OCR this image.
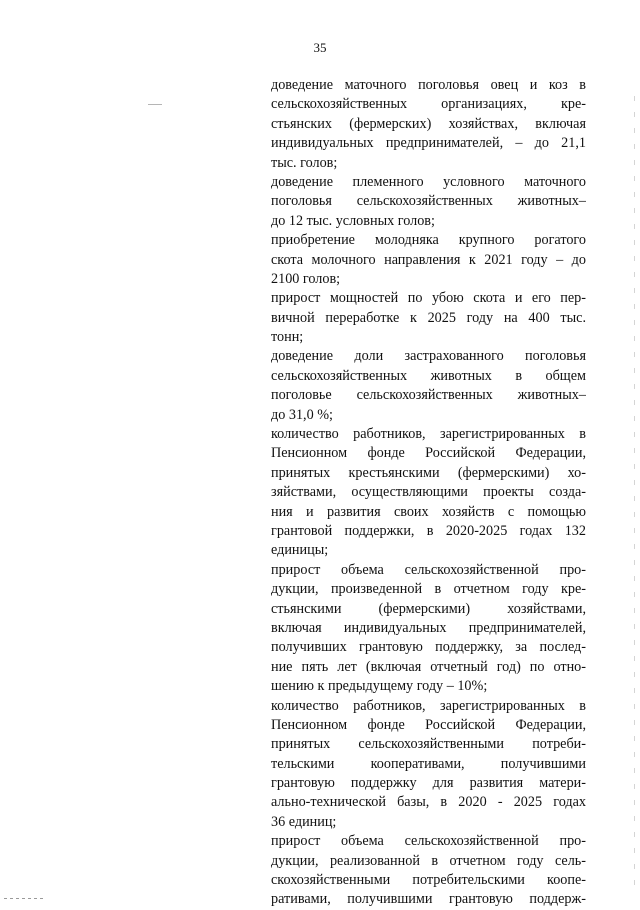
35
доведение маточного поголовья овец и коз в
сельскохозяйственных организациях, кре-
стьянских (фермерских) хозяйствах, включая
индивидуальных предпринимателей, – до 21,1
тыс. голов;
доведение племенного условного маточного
поголовья сельскохозяйственных животных–
до 12 тыс. условных голов;
приобретение молодняка крупного рогатого
скота молочного направления к 2021 году – до
2100 голов;
прирост мощностей по убою скота и его пер-
вичной переработке к 2025 году на 400 тыс.
тонн;
доведение доли застрахованного поголовья
сельскохозяйственных животных в общем
поголовье сельскохозяйственных животных–
до 31,0 %;
количество работников, зарегистрированных в
Пенсионном фонде Российской Федерации,
принятых крестьянскими (фермерскими) хо-
зяйствами, осуществляющими проекты созда-
ния и развития своих хозяйств с помощью
грантовой поддержки, в 2020-2025 годах 132
единицы;
прирост объема сельскохозяйственной про-
дукции, произведенной в отчетном году кре-
стьянскими (фермерскими) хозяйствами,
включая индивидуальных предпринимателей,
получивших грантовую поддержку, за послед-
ние пять лет (включая отчетный год) по отно-
шению к предыдущему году – 10%;
количество работников, зарегистрированных в
Пенсионном фонде Российской Федерации,
принятых сельскохозяйственными потреби-
тельскими кооперативами, получившими
грантовую поддержку для развития матери-
ально-технической базы, в 2020 - 2025 годах
36 единиц;
прирост объема сельскохозяйственной про-
дукции, реализованной в отчетном году сель-
скохозяйственными потребительскими коопе-
ративами, получившими грантовую поддерж-
